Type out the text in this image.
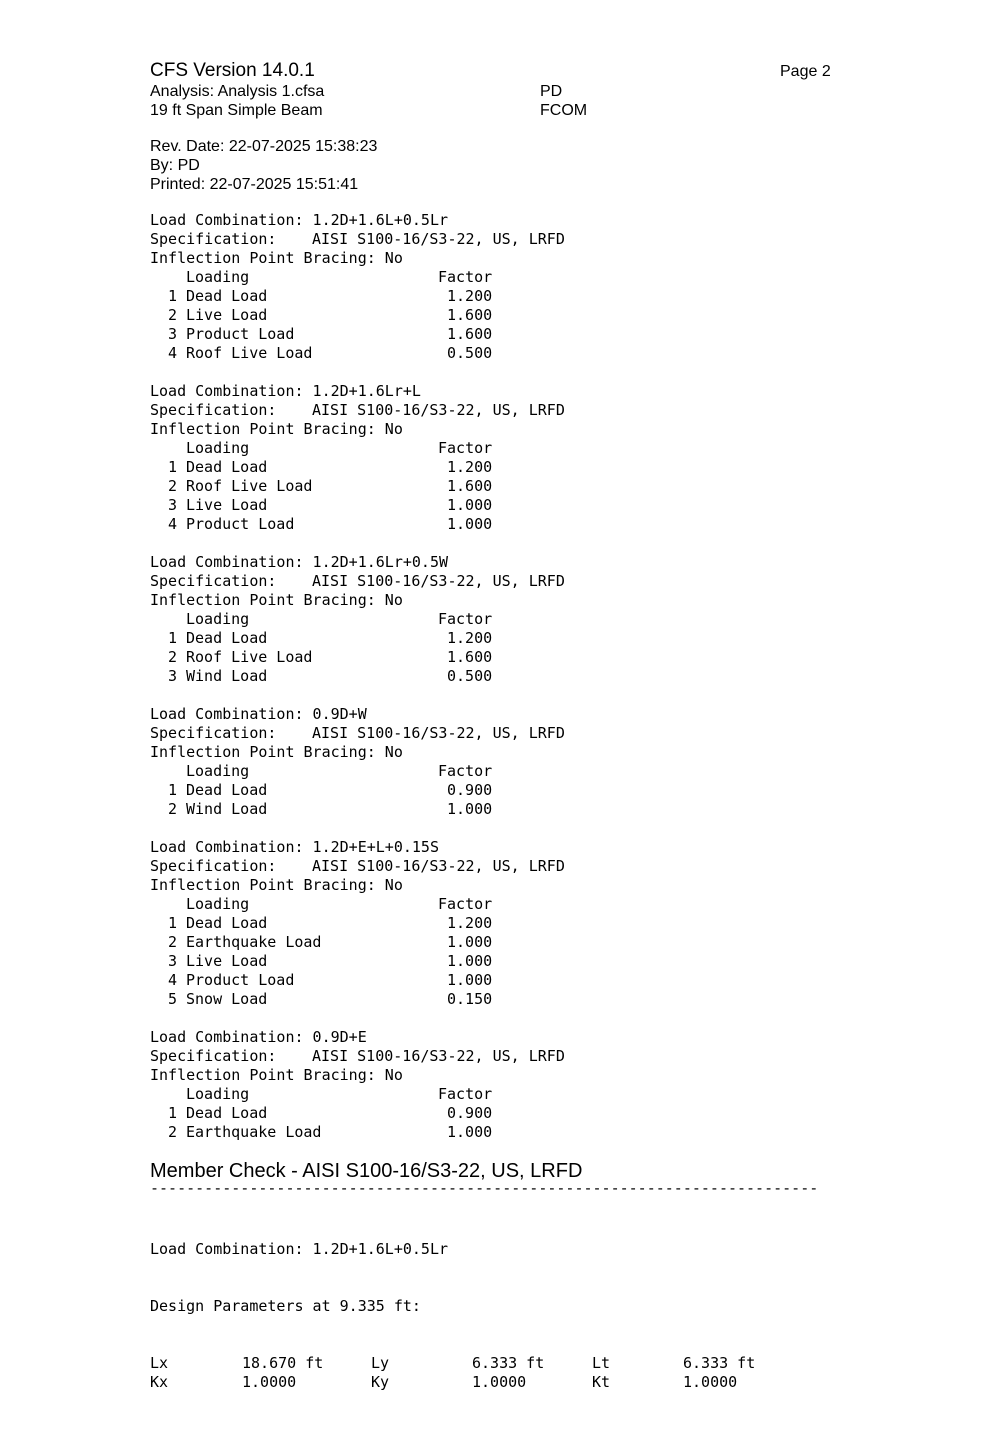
CFS Version 14.0.1	Page 2
Analysis: Analysis 1.cfsa
19 ft Span Simple Beam
PD
FCOM
Rev. Date: 22-07-2025 15:38:23
By: PD
Printed: 22-07-2025 15:51:41
Load Combination: 1.2D+1.6L+0.5Lr
Specification: AISI S100-16/S3-22, US, LRFD
Inflection Point Bracing: No
Loading	Factor
1 Dead Load	1.200
2 Live Load	1.600
3 Product Load	1.600
4 Roof Live Load	0.500
Load Combination: 1.2D+1.6Lr+L
Specification: AISI S100-16/S3-22, US, LRFD
Inflection Point Bracing: No
Loading	Factor
1 Dead Load	1.200
2 Roof Live Load	1.600
3 Live Load	1.000
4 Product Load	1.000
Load Combination: 1.2D+1.6Lr+0.5W
Specification: AISI S100-16/S3-22, US, LRFD
Inflection Point Bracing: No
Loading	Factor
1 Dead Load	1.200
2 Roof Live Load	1.600
3 Wind Load	0.500
Load Combination: 0.9D+W
Specification: AISI S100-16/S3-22, US, LRFD
Inflection Point Bracing: No
Loading	Factor
1 Dead Load	0.900
2 Wind Load	1.000
Load Combination: 1.2D+E+L+0.15S
Specification: AISI S100-16/S3-22, US, LRFD
Inflection Point Bracing: No
Loading	Factor
1 Dead Load	1.200
2 Earthquake Load	1.000
3 Live Load	1.000
4 Product Load	1.000
5 Snow Load	0.150
Load Combination: 0.9D+E
Specification: AISI S100-16/S3-22, US, LRFD
Inflection Point Bracing: No
Loading	Factor
1 Dead Load	0.900
2 Earthquake Load	1.000
Member Check - AISI S100-16/S3-22, US, LRFD
--------------------------------------------------------------------------

Load Combination: 1.2D+1.6L+0.5Lr

Design Parameters at 9.335 ft:

Lx	18.670 ft	Ly	6.333 ft	Lt	6.333 ft
Kx	1.0000	Ky	1.0000	Kt	1.0000
